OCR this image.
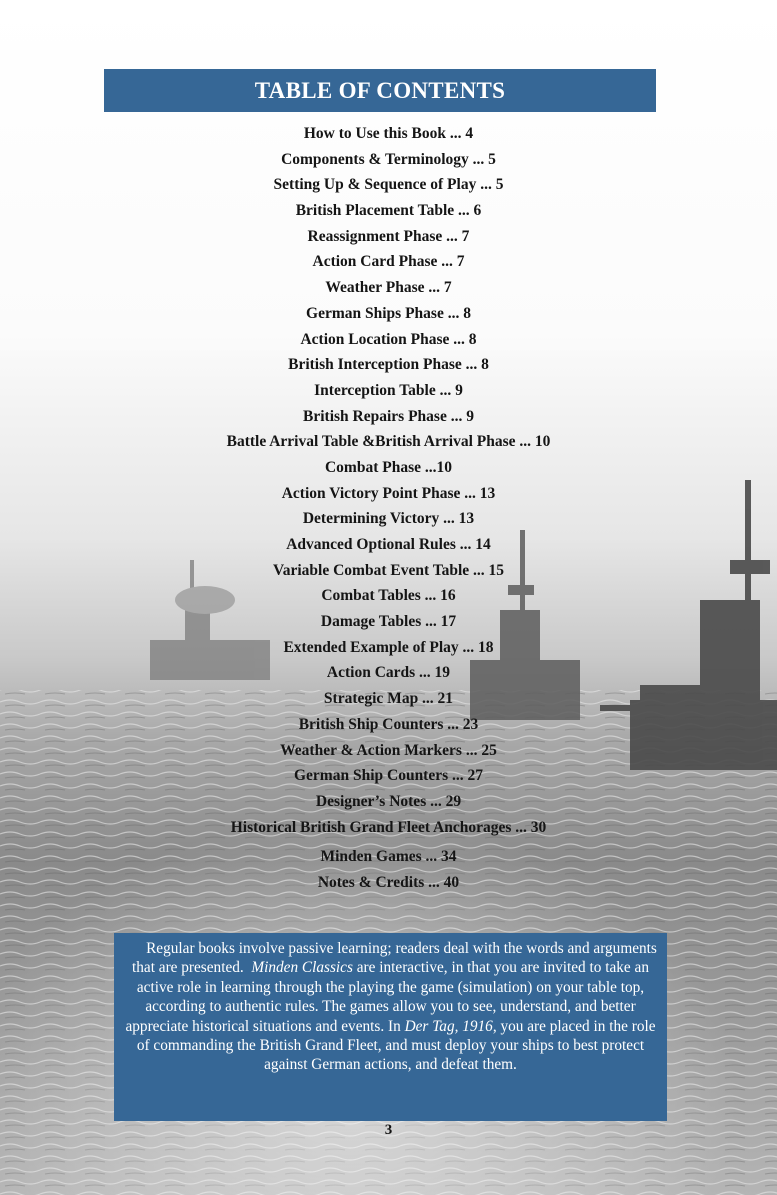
TABLE OF CONTENTS
How to Use this Book ... 4
Components & Terminology ... 5
Setting Up & Sequence of Play ... 5
British Placement Table ... 6
Reassignment Phase ... 7
Action Card Phase ... 7
Weather Phase ... 7
German Ships Phase ... 8
Action Location Phase ... 8
British Interception Phase ... 8
Interception Table ... 9
British Repairs Phase ... 9
Battle Arrival Table &British Arrival Phase ... 10
Combat Phase ...10
Action Victory Point Phase ... 13
Determining Victory ... 13
Advanced Optional Rules ... 14
Variable Combat Event Table ... 15
Combat Tables ... 16
Damage Tables ... 17
Extended Example of Play ... 18
Action Cards ... 19
Strategic Map ... 21
British Ship Counters ... 23
Weather & Action Markers ... 25
German Ship Counters ... 27
Designer’s Notes ... 29
Historical British Grand Fleet Anchorages ... 30
Minden Games ... 34
Notes & Credits ... 40
Regular books involve passive learning; readers deal with the words and arguments that are presented. Minden Classics are interactive, in that you are invited to take an active role in learning through the playing the game (simulation) on your table top, according to authentic rules. The games allow you to see, understand, and better appreciate historical situations and events. In Der Tag, 1916, you are placed in the role of commanding the British Grand Fleet, and must deploy your ships to best protect against German actions, and defeat them.
3
